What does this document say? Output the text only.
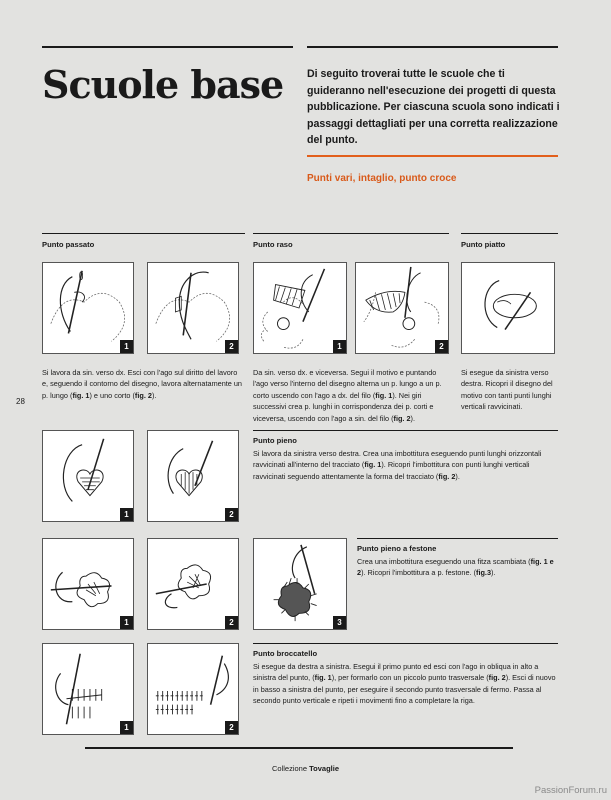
Scuole base Di seguito troverai tutte le scuole che ti guideranno nell'esecuzione dei progetti di questa pubblicazione. Per ciascuna scuola sono indicati i passaggi dettagliati per una corretta realizzazione del punto.
Punti vari, intaglio, punto croce
28
Punto passato
1	2
Si lavora da sin. verso dx. Esci con l'ago sul diritto del lavoro e, seguendo il contorno del disegno, lavora alternatamente un p. lungo (fig. 1) e uno corto (fig. 2).
Punto raso
1	2
Da sin. verso dx. e viceversa. Segui il motivo e puntando l'ago verso l'interno del disegno alterna un p. lungo a un p. corto uscendo con l'ago a dx. del filo (fig. 1). Nei giri successivi crea p. lunghi in corrispondenza dei p. corti e viceversa, uscendo con l'ago a sin. del filo (fig. 2).
Punto piatto
Si esegue da sinistra verso destra. Ricopri il disegno del motivo con tanti punti lunghi verticali ravvicinati.
1	2
Punto pieno
Si lavora da sinistra verso destra. Crea una imbottitura eseguendo punti lunghi orizzontali ravvicinati all'interno del tracciato (fig. 1). Ricopri l'imbottitura con punti lunghi verticali ravvicinati seguendo attentamente la forma del tracciato (fig. 2).
1	2	3
Punto pieno a festone
Crea una imbottitura eseguendo una fitza scambiata (fig. 1 e 2). Ricopri l'imbottitura a p. festone. (fig.3).
1	2
Punto broccatello
Si esegue da destra a sinistra. Esegui il primo punto ed esci con l'ago in obliqua in alto a sinistra del punto, (fig. 1), per formarlo con un piccolo punto trasversale (fig. 2). Esci di nuovo in basso a sinistra del punto, per eseguire il secondo punto trasversale di fermo. Passa al secondo punto verticale e ripeti i movimenti fino a completare la riga.
Collezione Tovaglie
PassionForum.ru
